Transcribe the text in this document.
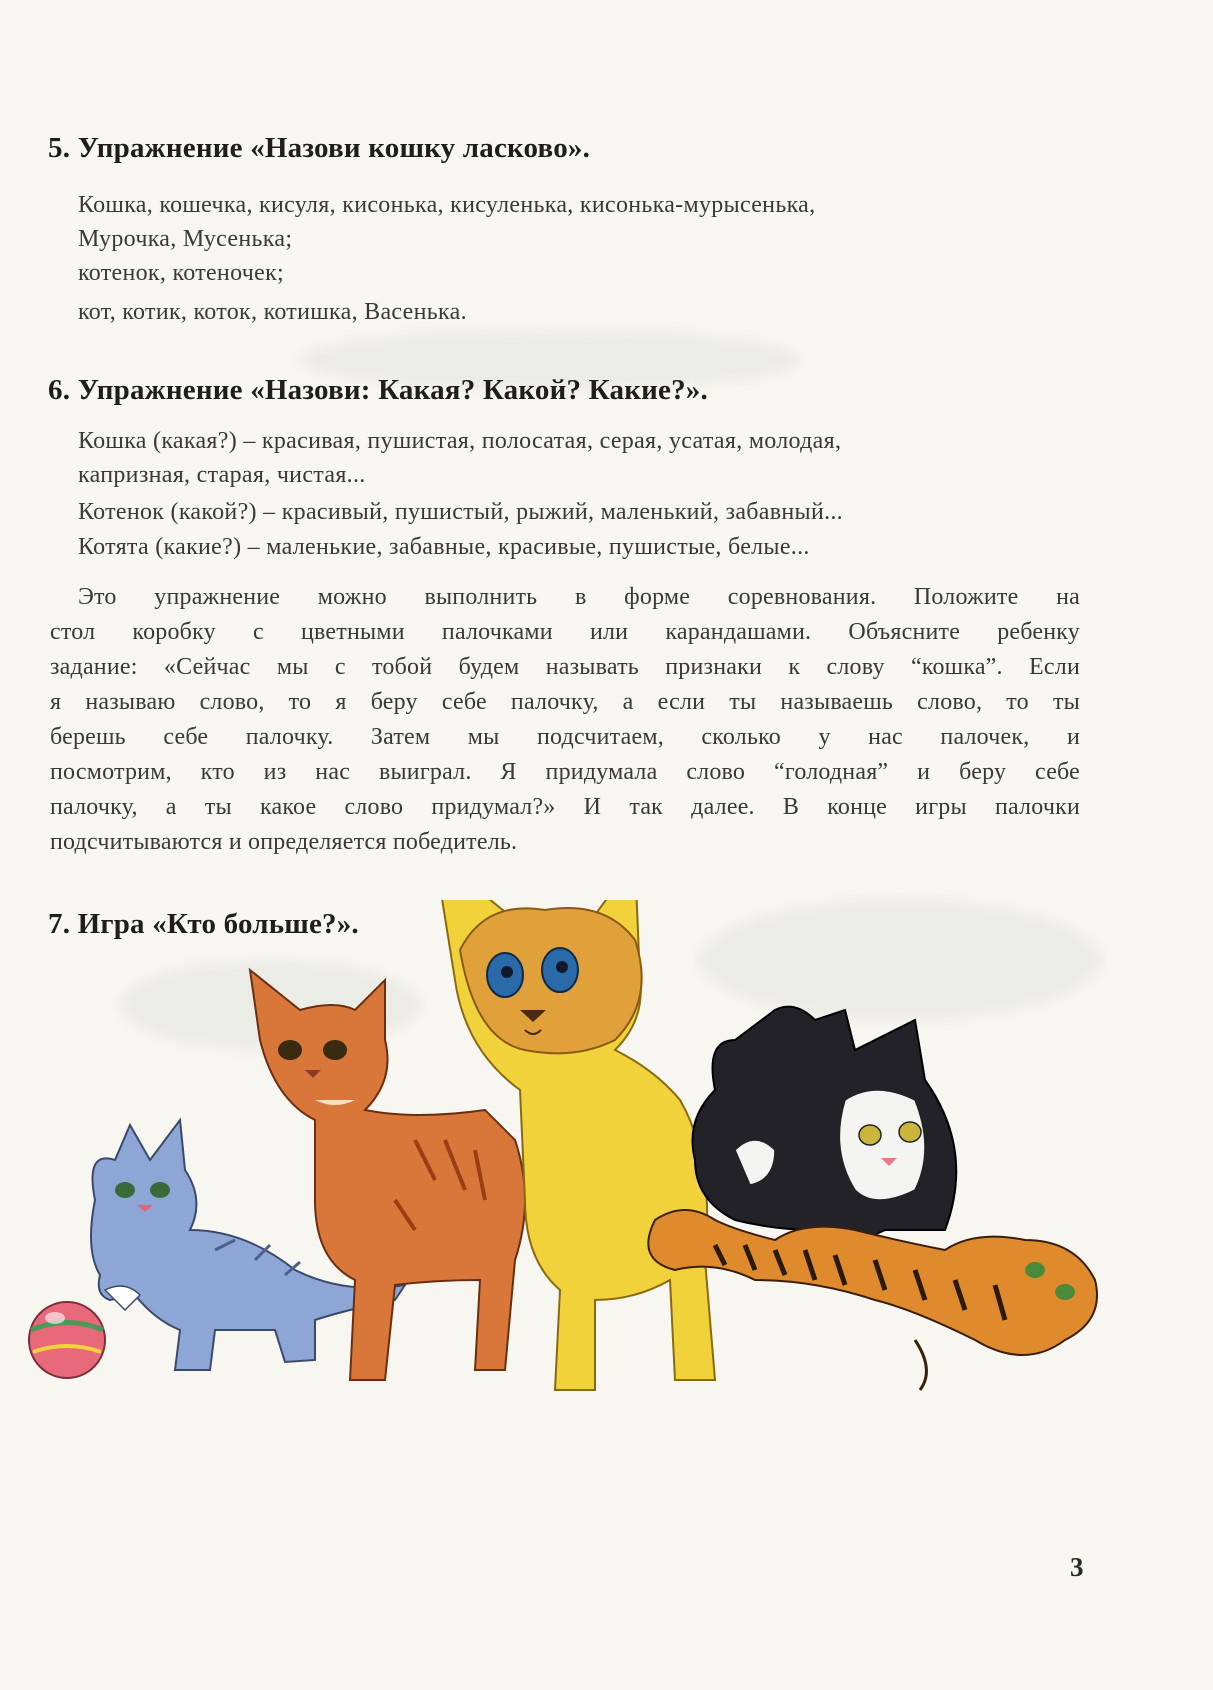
5. Упражнение «Назови кошку ласково».
Кошка, кошечка, кисуля, кисонька, кисуленька, кисонька-мурысенька,
Мурочка, Мусенька;
котенок, котеночек;
кот, котик, коток, котишка, Васенька.
6. Упражнение «Назови: Какая? Какой? Какие?».
Кошка (какая?) – красивая, пушистая, полосатая, серая, усатая, молодая,
капризная, старая, чистая...
Котенок (какой?) – красивый, пушистый, рыжий, маленький, забавный...
Котята (какие?) – маленькие, забавные, красивые, пушистые, белые...
Это упражнение можно выполнить в форме соревнования. Положите на
стол коробку с цветными палочками или карандашами. Объясните ребенку
задание: «Сейчас мы с тобой будем называть признаки к слову “кошка”. Если
я называю слово, то я беру себе палочку, а если ты называешь слово, то ты
берешь себе палочку. Затем мы подсчитаем, сколько у нас палочек, и
посмотрим, кто из нас выиграл. Я придумала слово “голодная” и беру себе
палочку, а ты какое слово придумал?» И так далее. В конце игры палочки
подсчитываются и определяется победитель.
7. Игра «Кто больше?».
3
